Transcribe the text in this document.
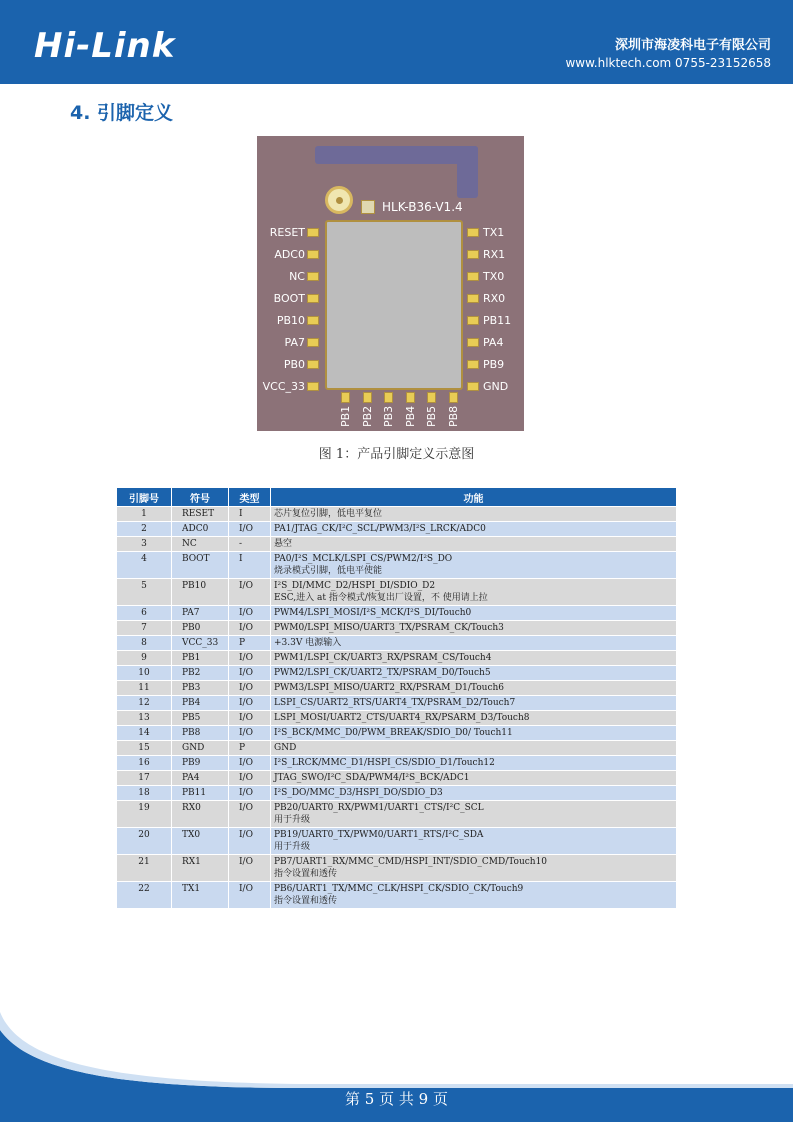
Hi-Link	深圳市海凌科电子有限公司
www.hlktech.com 0755-23152658
4. 引脚定义
HLK-B36-V1.4
RESET
ADC0
NC
BOOT
PB10
PA7
PB0
VCC_33
TX1
RX1
TX0
RX0
PB11
PA4
PB9
GND
PB1 PB2 PB3 PB4 PB5 PB8
图 1：产品引脚定义示意图
引脚号	符号	类型	功能
1	RESET	I	芯片复位引脚，低电平复位

2	ADC0	I/O	PA1/JTAG_CK/I²C_SCL/PWM3/I²S_LRCK/ADC0

3	NC	-	悬空

4	BOOT	I	PA0/I²S_MCLK/LSPI_CS/PWM2/I²S_DO
烧录模式引脚，低电平使能

5	PB10	I/O	I²S_DI/MMC_D2/HSPI_DI/SDIO_D2
ESC,进入 at 指令模式/恢复出厂设置，不 使用请上拉

6	PA7	I/O	PWM4/LSPI_MOSI/I²S_MCK/I²S_DI/Touch0

7	PB0	I/O	PWM0/LSPI_MISO/UART3_TX/PSRAM_CK/Touch3

8	VCC_33	P	+3.3V 电源输入

9	PB1	I/O	PWM1/LSPI_CK/UART3_RX/PSRAM_CS/Touch4

10	PB2	I/O	PWM2/LSPI_CK/UART2_TX/PSRAM_D0/Touch5

11	PB3	I/O	PWM3/LSPI_MISO/UART2_RX/PSRAM_D1/Touch6

12	PB4	I/O	LSPI_CS/UART2_RTS/UART4_TX/PSRAM_D2/Touch7

13	PB5	I/O	LSPI_MOSI/UART2_CTS/UART4_RX/PSARM_D3/Touch8

14	PB8	I/O	I²S_BCK/MMC_D0/PWM_BREAK/SDIO_D0/ Touch11

15	GND	P	GND

16	PB9	I/O	I²S_LRCK/MMC_D1/HSPI_CS/SDIO_D1/Touch12

17	PA4	I/O	JTAG_SWO/I²C_SDA/PWM4/I²S_BCK/ADC1

18	PB11	I/O	I²S_DO/MMC_D3/HSPI_DO/SDIO_D3

19	RX0	I/O	PB20/UART0_RX/PWM1/UART1_CTS/I²C_SCL
用于升级

20	TX0	I/O	PB19/UART0_TX/PWM0/UART1_RTS/I²C_SDA
用于升级

21	RX1	I/O	PB7/UART1_RX/MMC_CMD/HSPI_INT/SDIO_CMD/Touch10
指令设置和透传

22	TX1	I/O	PB6/UART1_TX/MMC_CLK/HSPI_CK/SDIO_CK/Touch9
指令设置和透传
第 5 页 共 9 页
